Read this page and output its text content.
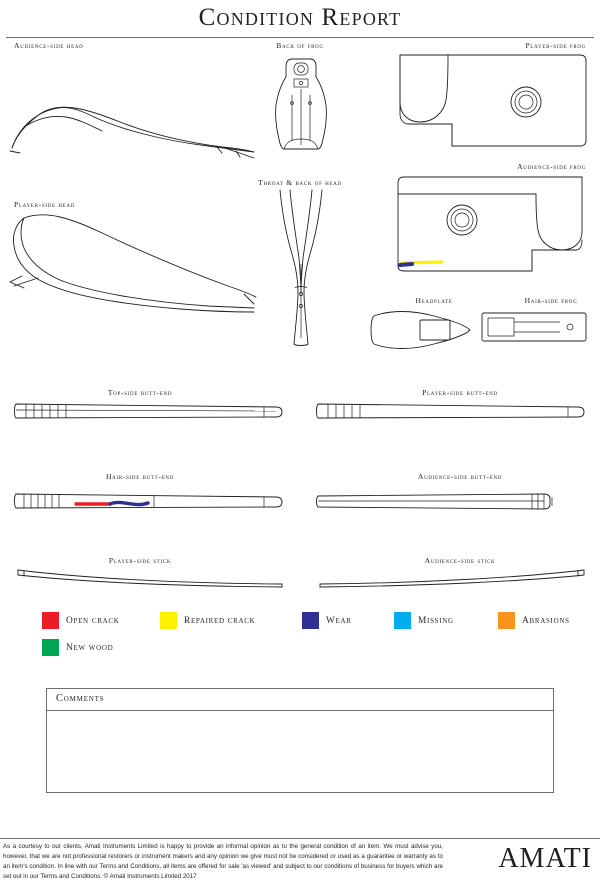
Condition Report
Audience-side head	Back of frog	Player-side frog
Audience-side frog
Throat & back of head
Player-side head
Headplate	Hair-side frog
Top-side butt-end	Player-side butt-end
Hair-side butt-end	Audience-side butt-end
Player-side stick	Audience-side stick
Open crack	Repaired crack	Wear	Missing	Abrasions
New wood
Comments
As a courtesy to our clients, Amati Instruments Limited is happy to provide an informal opinion as to the general condition of an item. We must advise you, however, that we are not professional restorers or instrument makers and any opinion we give must not be considered or used as a guarantee or warranty as to an item's condition. In line with our Terms and Conditions, all items are offered for sale 'as viewed' and subject to our conditions of business for buyers which are set out in our Terms and Conditions. © Amati Instruments Limited 2017
AMATI
